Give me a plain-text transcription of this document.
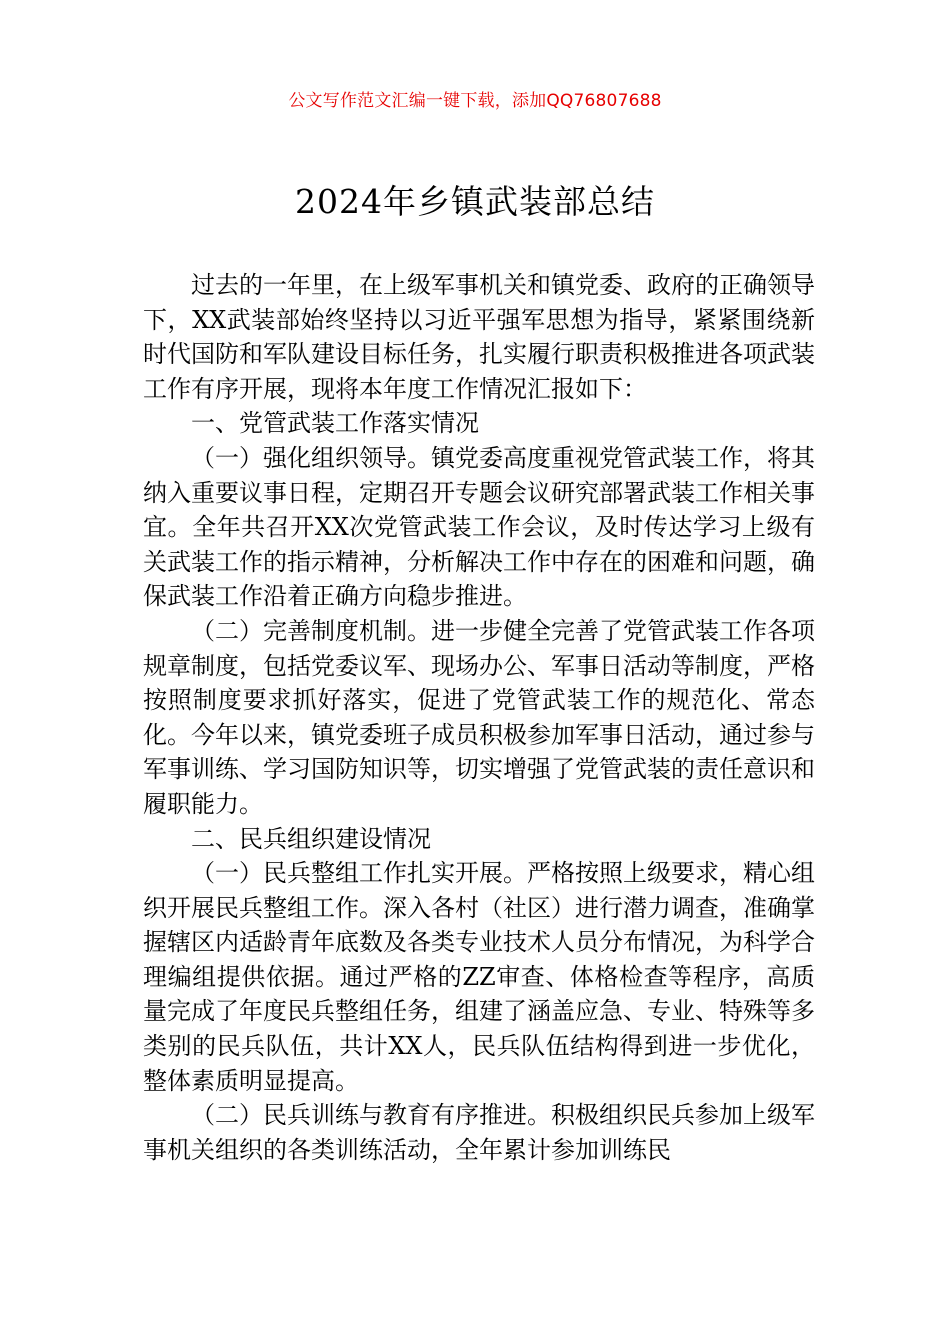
公文写作范文汇编一键下载，添加QQ76807688
2024年乡镇武装部总结

过去的一年里，在上级军事机关和镇党委、政府的正确领导下，XX武装部始终坚持以习近平强军思想为指导，紧紧围绕新时代国防和军队建设目标任务，扎实履行职责积极推进各项武装工作有序开展，现将本年度工作情况汇报如下：

一、党管武装工作落实情况

（一）强化组织领导。镇党委高度重视党管武装工作，将其纳入重要议事日程，定期召开专题会议研究部署武装工作相关事宜。全年共召开XX次党管武装工作会议，及时传达学习上级有关武装工作的指示精神，分析解决工作中存在的困难和问题，确保武装工作沿着正确方向稳步推进。

（二）完善制度机制。进一步健全完善了党管武装工作各项规章制度，包括党委议军、现场办公、军事日活动等制度，严格按照制度要求抓好落实，促进了党管武装工作的规范化、常态化。今年以来，镇党委班子成员积极参加军事日活动，通过参与军事训练、学习国防知识等，切实增强了党管武装的责任意识和履职能力。

二、民兵组织建设情况

（一）民兵整组工作扎实开展。严格按照上级要求，精心组织开展民兵整组工作。深入各村（社区）进行潜力调查，准确掌握辖区内适龄青年底数及各类专业技术人员分布情况，为科学合理编组提供依据。通过严格的ZZ审查、体格检查等程序，高质量完成了年度民兵整组任务，组建了涵盖应急、专业、特殊等多类别的民兵队伍，共计XX人，民兵队伍结构得到进一步优化，整体素质明显提高。

（二）民兵训练与教育有序推进。积极组织民兵参加上级军事机关组织的各类训练活动，全年累计参加训练民
